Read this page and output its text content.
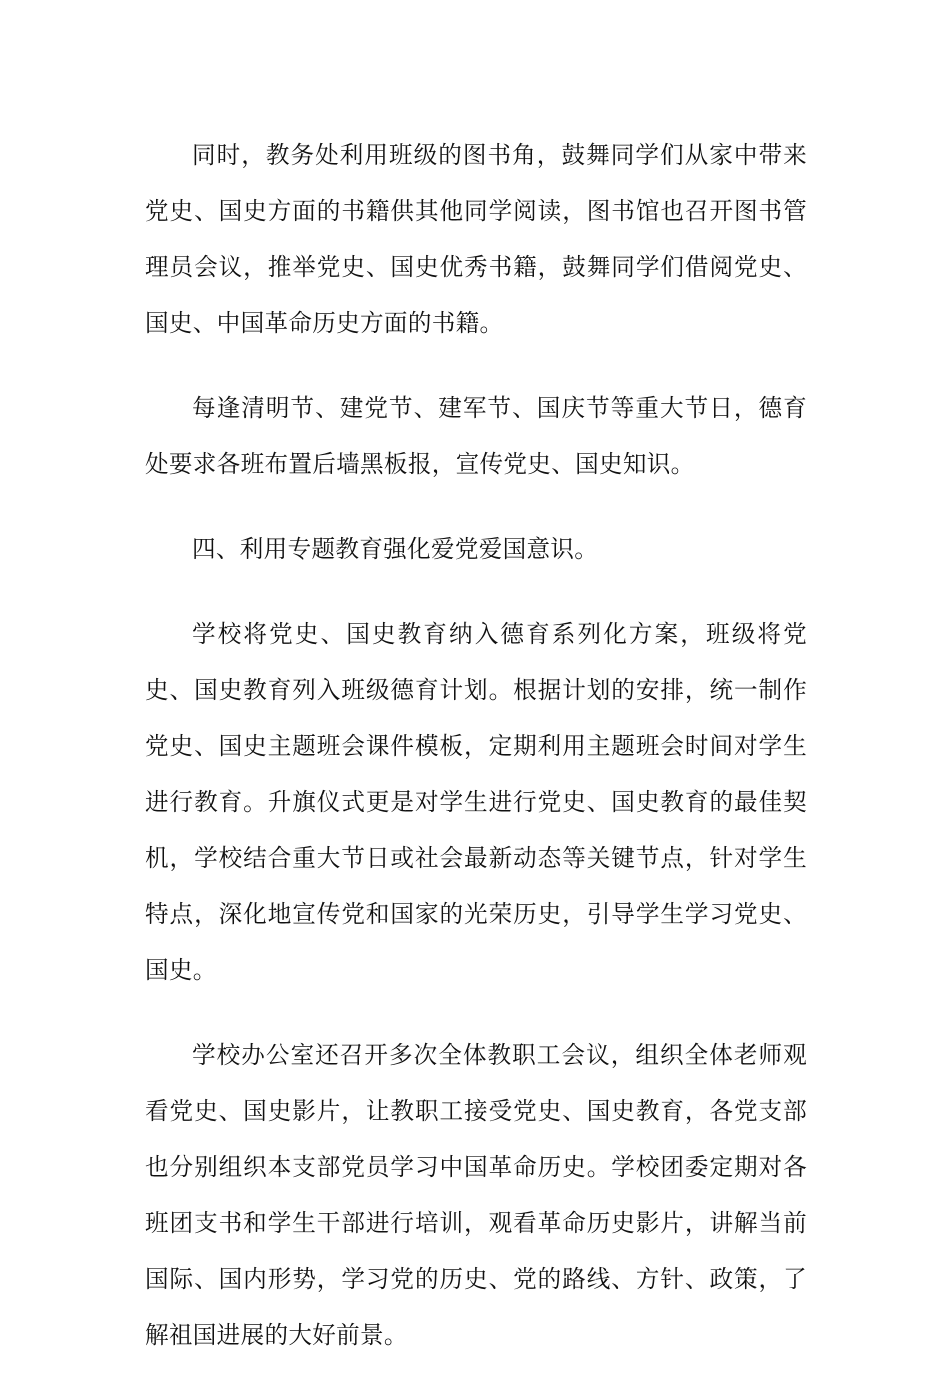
同时，教务处利用班级的图书角，鼓舞同学们从家中带来党史、国史方面的书籍供其他同学阅读，图书馆也召开图书管理员会议，推举党史、国史优秀书籍，鼓舞同学们借阅党史、国史、中国革命历史方面的书籍。

每逢清明节、建党节、建军节、国庆节等重大节日，德育处要求各班布置后墙黑板报，宣传党史、国史知识。

四、利用专题教育强化爱党爱国意识。

学校将党史、国史教育纳入德育系列化方案，班级将党史、国史教育列入班级德育计划。根据计划的安排，统一制作党史、国史主题班会课件模板，定期利用主题班会时间对学生进行教育。升旗仪式更是对学生进行党史、国史教育的最佳契机，学校结合重大节日或社会最新动态等关键节点，针对学生特点，深化地宣传党和国家的光荣历史，引导学生学习党史、国史。

学校办公室还召开多次全体教职工会议，组织全体老师观看党史、国史影片，让教职工接受党史、国史教育，各党支部也分别组织本支部党员学习中国革命历史。学校团委定期对各班团支书和学生干部进行培训，观看革命历史影片，讲解当前国际、国内形势，学习党的历史、党的路线、方针、政策，了解祖国进展的大好前景。
